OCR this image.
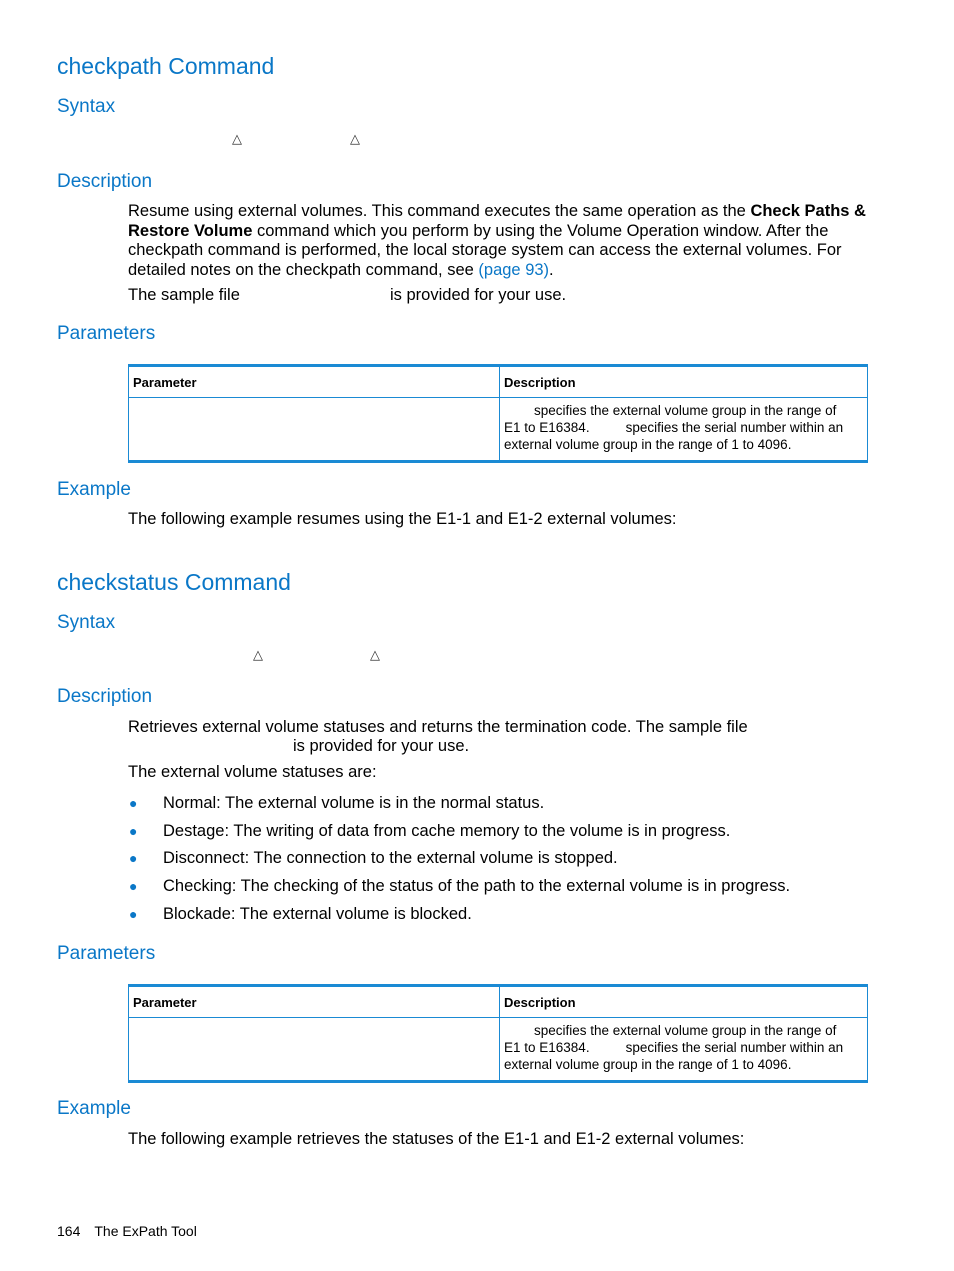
checkpath Command
Syntax
△	△
Description
Resume using external volumes. This command executes the same operation as the Check Paths & Restore Volume command which you perform by using the Volume Operation window. After the checkpath command is performed, the local storage system can access the external volumes. For detailed notes on the checkpath command, see (page 93).
The sample file	is provided for your use.
Parameters
Parameter	Description

	specifies the external volume group in the range of
E1 to E16384. specifies the serial number within an
external volume group in the range of 1 to 4096.
Example
The following example resumes using the E1-1 and E1-2 external volumes:
checkstatus Command
Syntax
△	△
Description
Retrieves external volume statuses and returns the termination code. The sample file
is provided for your use.
The external volume statuses are:
● Normal: The external volume is in the normal status.
● Destage: The writing of data from cache memory to the volume is in progress.
● Disconnect: The connection to the external volume is stopped.
● Checking: The checking of the status of the path to the external volume is in progress.
● Blockade: The external volume is blocked.
Parameters
Parameter	Description

	specifies the external volume group in the range of
E1 to E16384. specifies the serial number within an
external volume group in the range of 1 to 4096.
Example
The following example retrieves the statuses of the E1-1 and E1-2 external volumes:
164 The ExPath Tool
